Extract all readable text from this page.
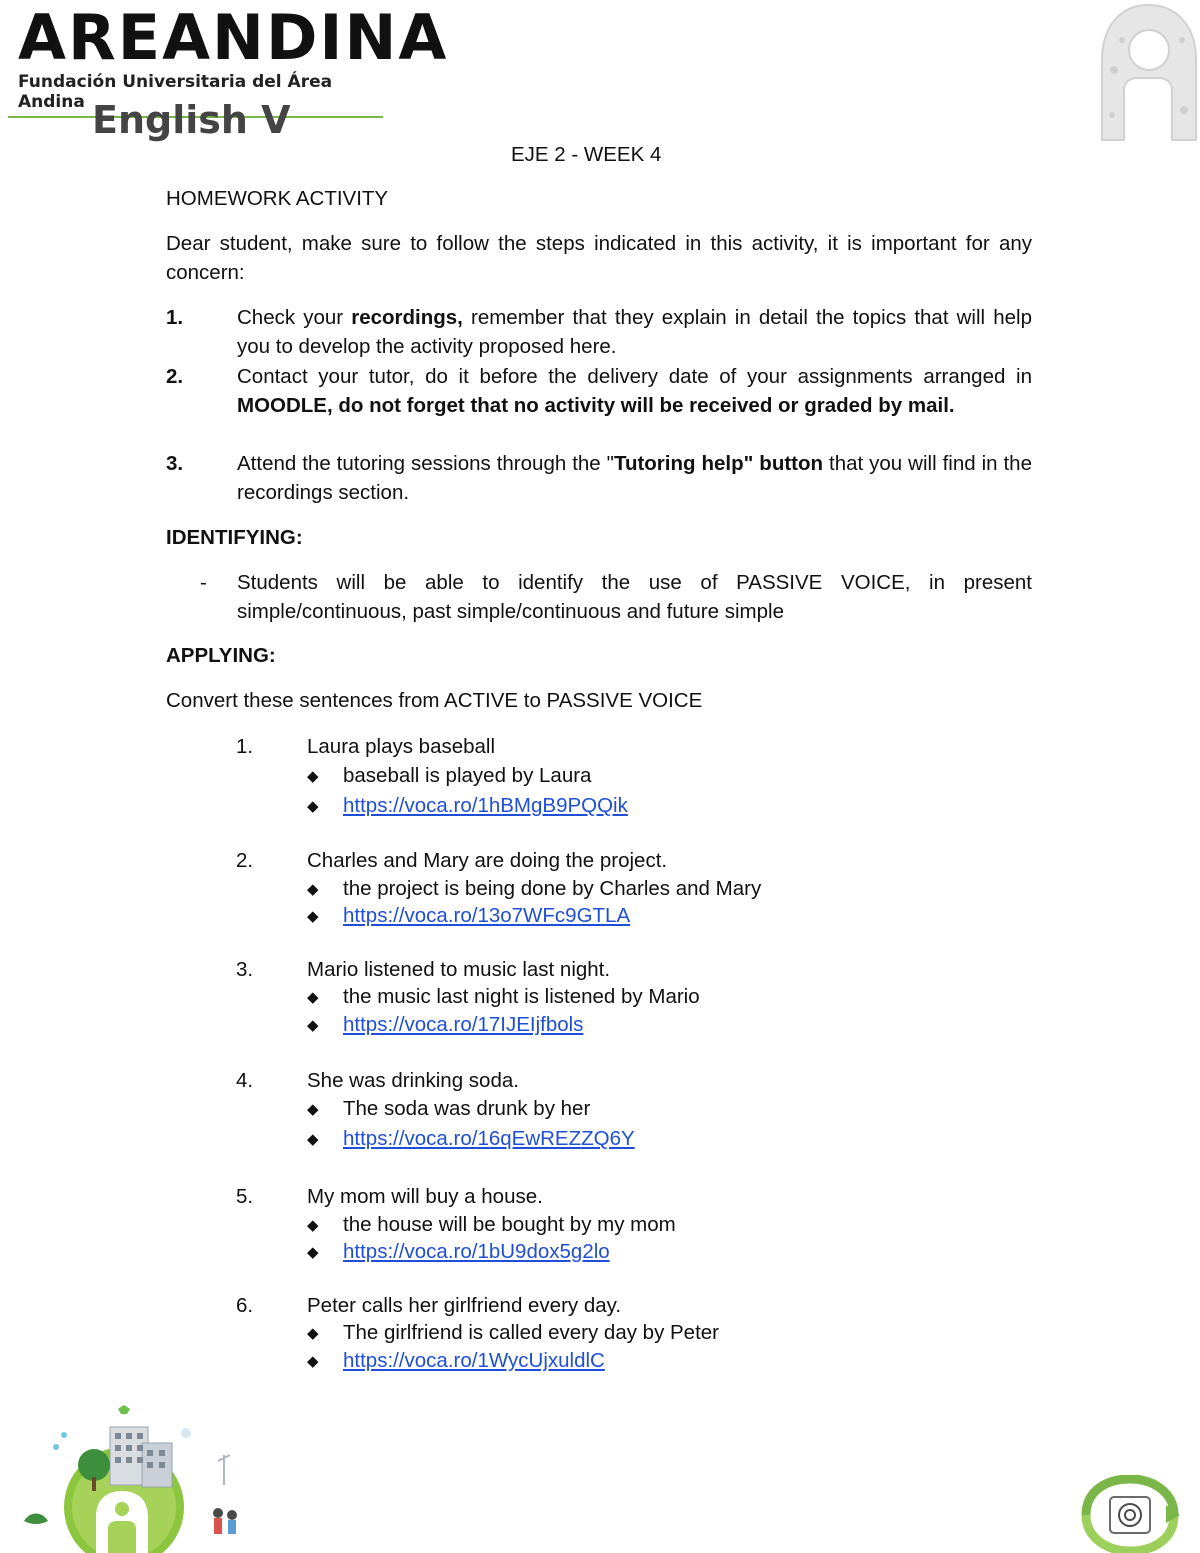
AREANDINA
Fundación Universitaria del Área Andina English V
EJE 2 - WEEK 4
HOMEWORK ACTIVITY
Dear student, make sure to follow the steps indicated in this activity, it is important for any concern:
1.	Check your recordings, remember that they explain in detail the topics that will help you to develop the activity proposed here.
2.	Contact your tutor, do it before the delivery date of your assignments arranged in MOODLE, do not forget that no activity will be received or graded by mail.
3.	Attend the tutoring sessions through the "Tutoring help" button that you will find in the recordings section.
IDENTIFYING:
- Students will be able to identify the use of PASSIVE VOICE, in present simple/continuous, past simple/continuous and future simple
APPLYING:
Convert these sentences from ACTIVE to PASSIVE VOICE
1.	Laura plays baseball
◆ baseball is played by Laura
◆ https://voca.ro/1hBMgB9PQQik
2.	Charles and Mary are doing the project.
◆ the project is being done by Charles and Mary
◆ https://voca.ro/13o7WFc9GTLA
3.	Mario listened to music last night.
◆ the music last night is listened by Mario
◆ https://voca.ro/17IJEIjfbols
4.	She was drinking soda.
◆ The soda was drunk by her
◆ https://voca.ro/16qEwREZZQ6Y
5.	My mom will buy a house.
◆ the house will be bought by my mom
◆ https://voca.ro/1bU9dox5g2lo
6.	Peter calls her girlfriend every day.
◆ The girlfriend is called every day by Peter
◆ https://voca.ro/1WycUjxuldlC
